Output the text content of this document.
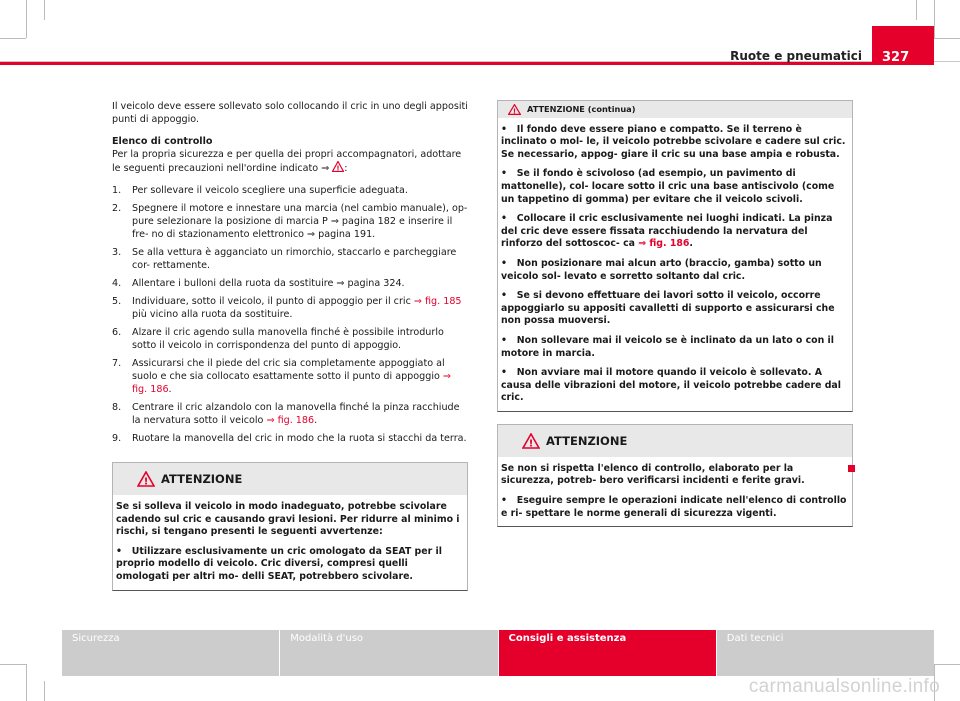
Ruote e pneumatici	327

Il veicolo deve essere sollevato solo collocando il cric in uno degli appositi punti di appoggio.

Elenco di controllo

Per la propria sicurezza e per quella dei propri accompagnatori, adottare le seguenti precauzioni nell'ordine indicato ⇒ ! :

1. Per sollevare il veicolo scegliere una superficie adeguata.
2. Spegnere il motore e innestare una marcia (nel cambio manuale), op- pure selezionare la posizione di marcia P ⇒ pagina 182 e inserire il fre- no di stazionamento elettronico ⇒ pagina 191.
3. Se alla vettura è agganciato un rimorchio, staccarlo e parcheggiare cor- rettamente.
4. Allentare i bulloni della ruota da sostituire ⇒ pagina 324.
5. Individuare, sotto il veicolo, il punto di appoggio per il cric ⇒ fig. 185 più vicino alla ruota da sostituire.
6. Alzare il cric agendo sulla manovella finché è possibile introdurlo sotto il veicolo in corrispondenza del punto di appoggio.
7. Assicurarsi che il piede del cric sia completamente appoggiato al suolo e che sia collocato esattamente sotto il punto di appoggio ⇒ fig. 186.
8. Centrare il cric alzandolo con la manovella finché la pinza racchiude la nervatura sotto il veicolo ⇒ fig. 186.
9. Ruotare la manovella del cric in modo che la ruota si stacchi da terra.
! ATTENZIONE

Se si solleva il veicolo in modo inadeguato, potrebbe scivolare cadendo sul cric e causando gravi lesioni. Per ridurre al minimo i rischi, si tengano presenti le seguenti avvertenze:

•   Utilizzare esclusivamente un cric omologato da SEAT per il proprio modello di veicolo. Cric diversi, compresi quelli omologati per altri mo- delli SEAT, potrebbero scivolare.

! ATTENZIONE (continua)

•   Il fondo deve essere piano e compatto. Se il terreno è inclinato o mol- le, il veicolo potrebbe scivolare e cadere sul cric. Se necessario, appog- giare il cric su una base ampia e robusta.

•   Se il fondo è scivoloso (ad esempio, un pavimento di mattonelle), col- locare sotto il cric una base antiscivolo (come un tappetino di gomma) per evitare che il veicolo scivoli.

•   Collocare il cric esclusivamente nei luoghi indicati. La pinza del cric deve essere fissata racchiudendo la nervatura del rinforzo del sottoscoc- ca ⇒ fig. 186.

•   Non posizionare mai alcun arto (braccio, gamba) sotto un veicolo sol- levato e sorretto soltanto dal cric.

•   Se si devono effettuare dei lavori sotto il veicolo, occorre appoggiarlo su appositi cavalletti di supporto e assicurarsi che non possa muoversi.

•   Non sollevare mai il veicolo se è inclinato da un lato o con il motore in marcia.

•   Non avviare mai il motore quando il veicolo è sollevato. A causa delle vibrazioni del motore, il veicolo potrebbe cadere dal cric.

! ATTENZIONE

Se non si rispetta l'elenco di controllo, elaborato per la sicurezza, potreb- bero verificarsi incidenti e ferite gravi.

•   Eseguire sempre le operazioni indicate nell'elenco di controllo e ri- spettare le norme generali di sicurezza vigenti.

Sicurezza	Modalità d'uso	Consigli e assistenza	Dati tecnici
carmanualsonline.info
